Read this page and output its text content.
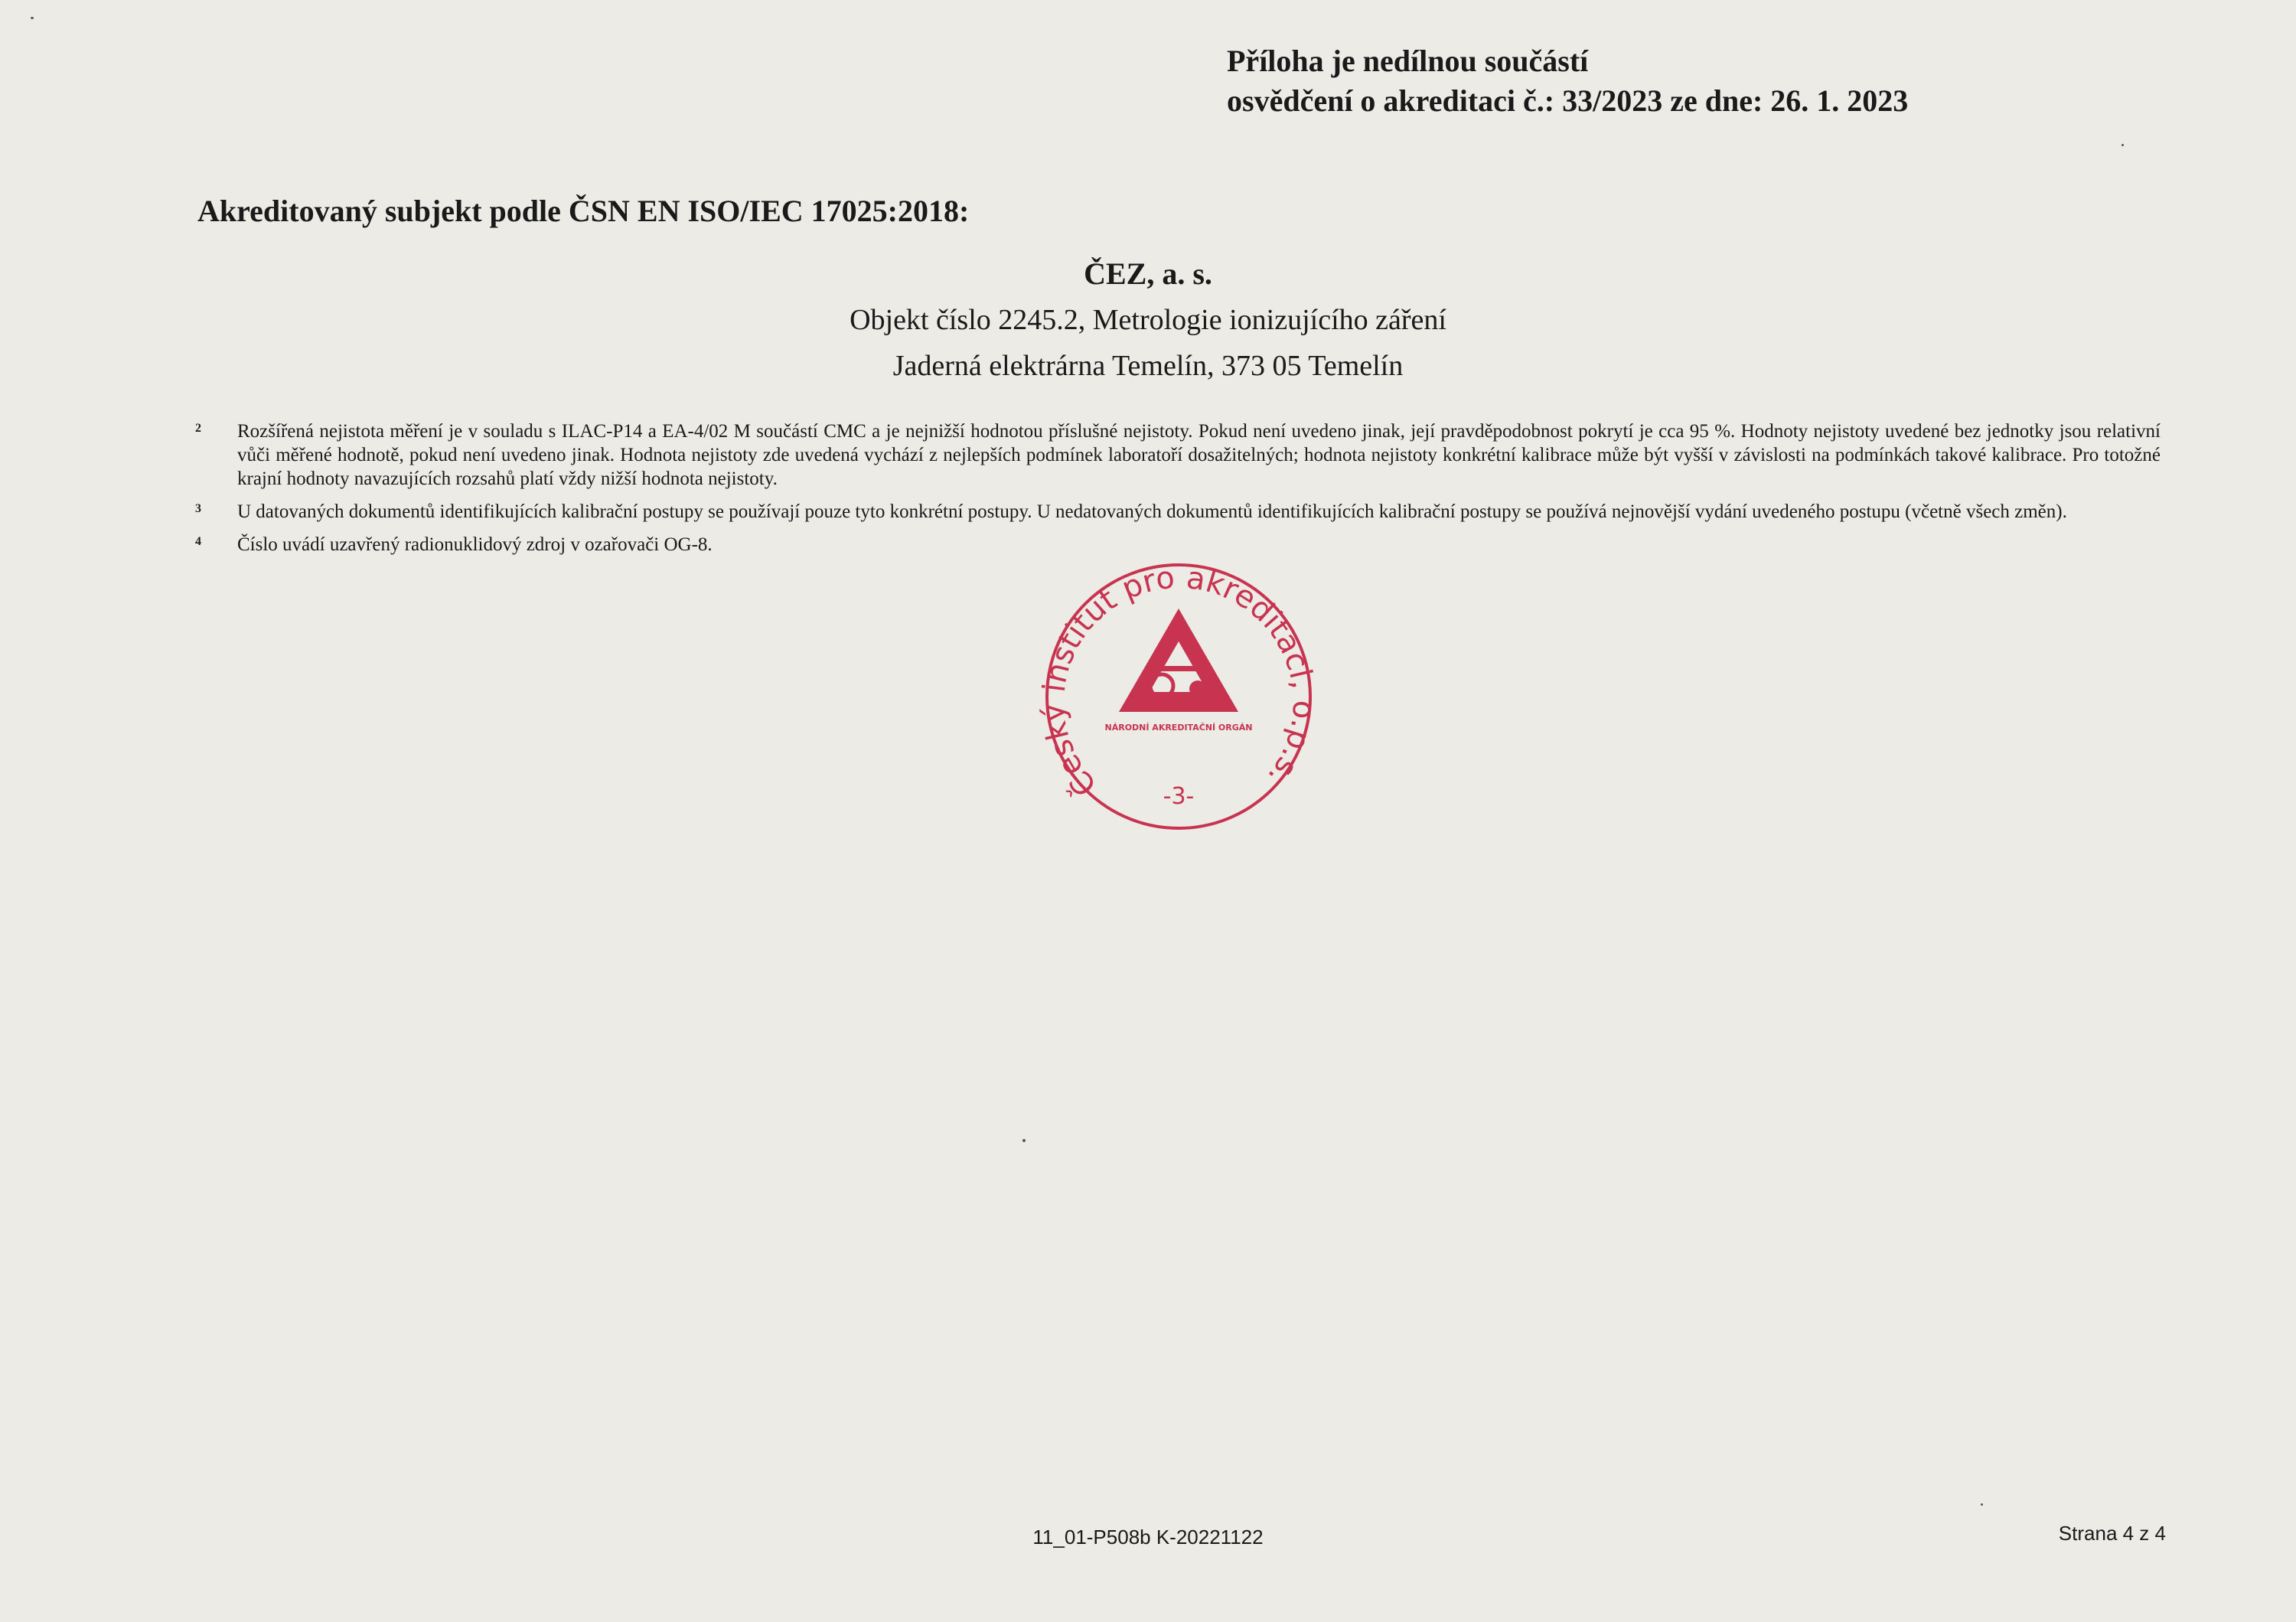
Příloha je nedílnou součástí
osvědčení o akreditaci č.: 33/2023 ze dne: 26. 1. 2023
Akreditovaný subjekt podle ČSN EN ISO/IEC 17025:2018:
ČEZ, a. s.
Objekt číslo 2245.2, Metrologie ionizujícího záření
Jaderná elektrárna Temelín, 373 05 Temelín
2 Rozšířená nejistota měření je v souladu s ILAC-P14 a EA-4/02 M součástí CMC a je nejnižší hodnotou příslušné nejistoty. Pokud není uvedeno jinak, její pravděpodobnost pokrytí je cca 95 %. Hodnoty nejistoty uvedené bez jednotky jsou relativní vůči měřené hodnotě, pokud není uvedeno jinak. Hodnota nejistoty zde uvedená vychází z nejlepších podmínek laboratoří dosažitelných; hodnota nejistoty konkrétní kalibrace může být vyšší v závislosti na podmínkách takové kalibrace. Pro totožné krajní hodnoty navazujících rozsahů platí vždy nižší hodnota nejistoty.
3 U datovaných dokumentů identifikujících kalibrační postupy se používají pouze tyto konkrétní postupy. U nedatovaných dokumentů identifikujících kalibrační postupy se používá nejnovější vydání uvedeného postupu (včetně všech změn).
4 Číslo uvádí uzavřený radionuklidový zdroj v ozařovači OG-8.
Český institut pro akreditaci, o.p.s.
NÁRODNÍ AKREDITAČNÍ ORGÁN
-3-
11_01-P508b K-20221122	Strana 4 z 4
